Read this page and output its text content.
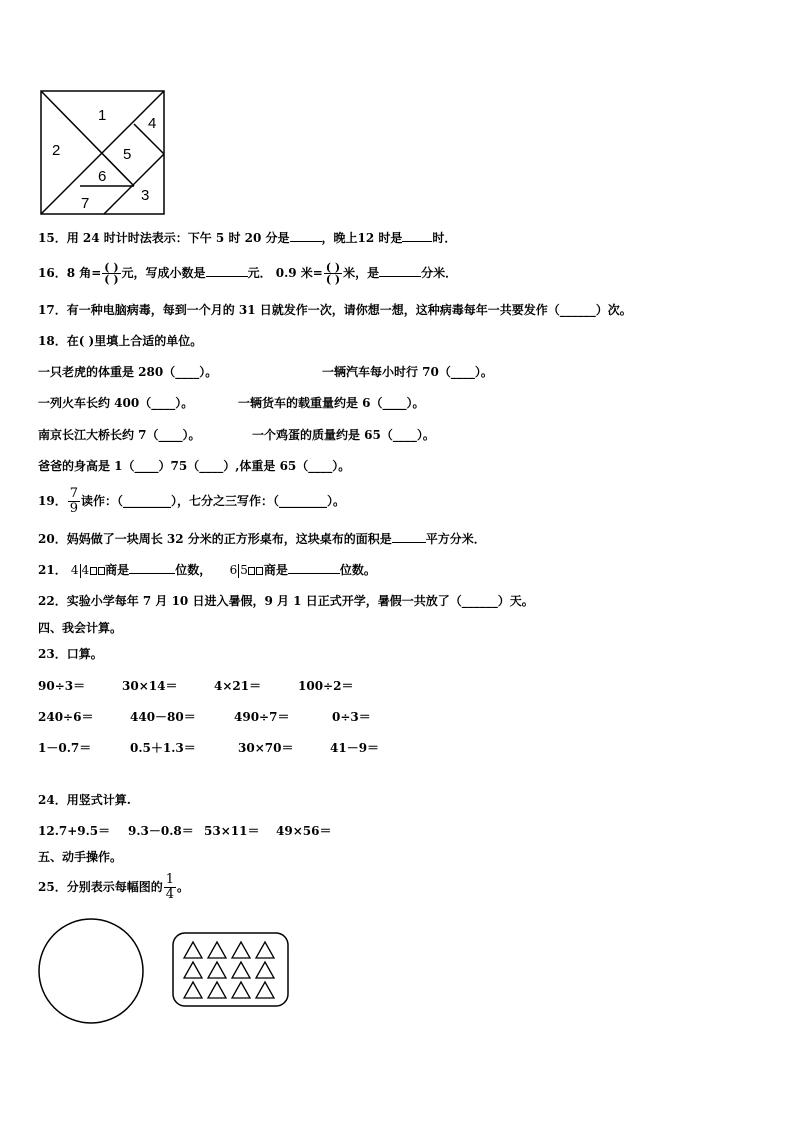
1
2
3
4
5
6
7
15．用 24 时计时法表示：下午 5 时 20 分是	，晚上12 时是	时．
16．8 角= $\frac{( )}{( )}$ 元，写成小数是	元． 0.9 米= $\frac{( )}{( )}$ 米，是	分米．
17．有一种电脑病毒，每到一个月的 31 日就发作一次，请你想一想，这种病毒每年一共要发作（______）次。
18．在( )里填上合适的单位。
一只老虎的体重是 280（____）。	一辆汽车每小时行 70（____）。
一列火车长约 400（____）。	一辆货车的载重量约是 6（____）。
南京长江大桥长约 7（____）。	一个鸡蛋的质量约是 65（____）。
爸爸的身高是 1（____）75（____）,体重是 65（____）。
19． $\frac{7}{9}$ 读作：（________），七分之三写作：（________）。
20．妈妈做了一块周长 32 分米的正方形桌布，这块桌布的面积是	平方分米．
21． 4 4 商是	位数， 6 5 商是	位数。
22．实验小学每年 7 月 10 日进入暑假，9 月 1 日正式开学，暑假一共放了（______）天。
四、我会计算。
23．口算。
90÷3＝	30×14＝	4×21＝	100÷2＝
240÷6＝	440－80＝	490÷7＝	0÷3＝
1－0.7＝	0.5＋1.3＝	30×70＝	41－9＝
24．用竖式计算.
12.7+9.5＝ 9.3－0.8＝ 53×11＝ 49×56＝
五、动手操作。
25．分别表示每幅图的 $\frac{1}{4}$ 。
